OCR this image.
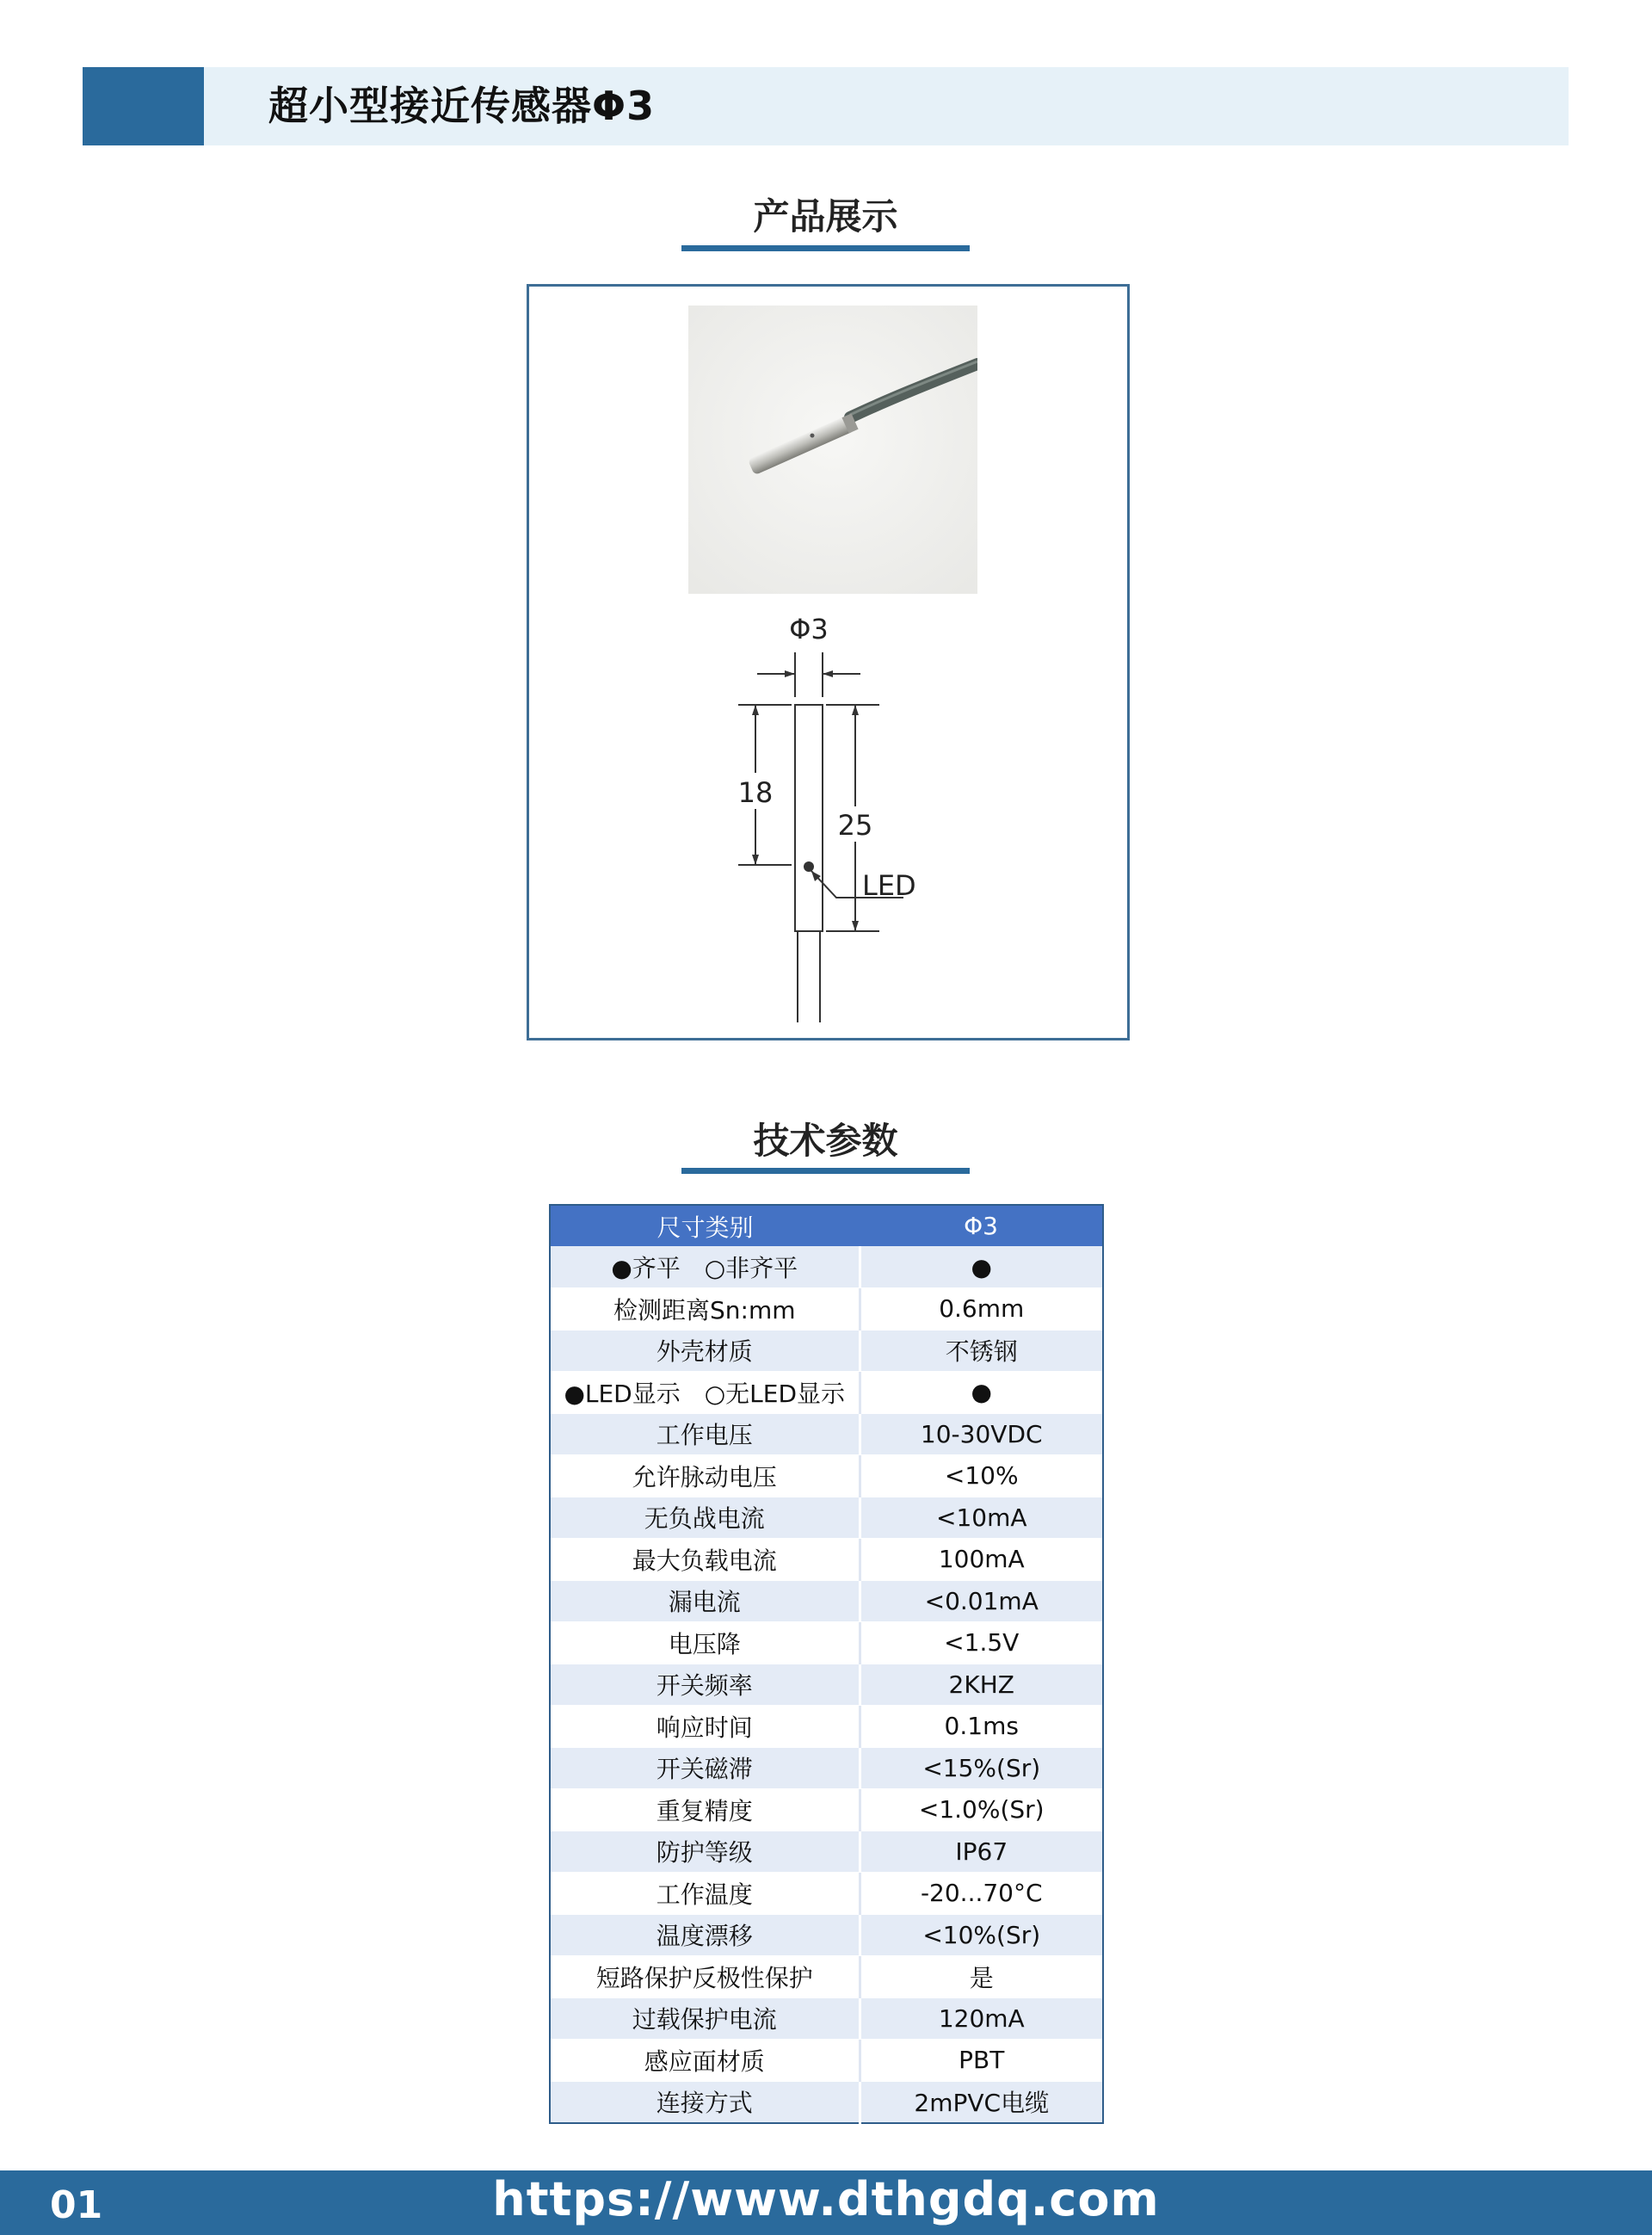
超小型接近传感器Φ3
产品展示
Φ3
18
25
LED
技术参数
尺寸类别	Φ3
●齐平　○非齐平	●
检测距离Sn:mm	0.6mm
外壳材质	不锈钢
●LED显示　○无LED显示	●
工作电压	10-30VDC
允许脉动电压	<10%
无负战电流	<10mA
最大负载电流	100mA
漏电流	<0.01mA
电压降	<1.5V
开关频率	2KHZ
响应时间	0.1ms
开关磁滞	<15%(Sr)
重复精度	<1.0%(Sr)
防护等级	IP67
工作温度	-20...70°C
温度漂移	<10%(Sr)
短路保护反极性保护	是
过载保护电流	120mA
感应面材质	PBT
连接方式	2mPVC电缆
01	https://www.dthgdq.com
